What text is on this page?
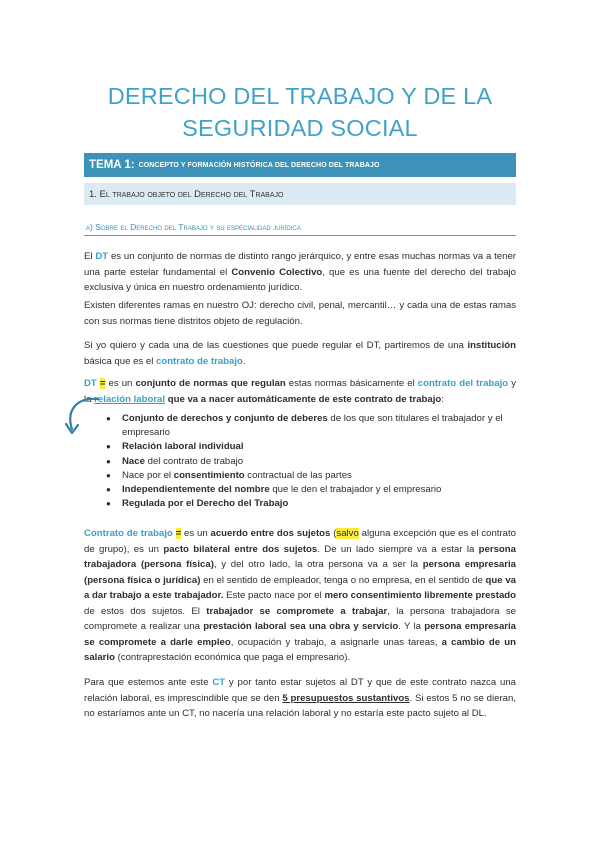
DERECHO DEL TRABAJO Y DE LA SEGURIDAD SOCIAL
TEMA 1: CONCEPTO Y FORMACIÓN HISTÓRICA DEL DERECHO DEL TRABAJO
1. El trabajo objeto del Derecho del Trabajo
a) Sobre el Derecho del Trabajo y su especialidad jurídica

El DT es un conjunto de normas de distinto rango jerárquico, y entre esas muchas normas va a tener una parte estelar fundamental el Convenio Colectivo, que es una fuente del derecho del trabajo exclusiva y única en nuestro ordenamiento jurídico.

Existen diferentes ramas en nuestro OJ: derecho civil, penal, mercantil… y cada una de estas ramas con sus normas tiene distritos objeto de regulación.

Si yo quiero y cada una de las cuestiones que puede regular el DT, partiremos de una institución básica que es el contrato de trabajo.

DT = es un conjunto de normas que regulan estas normas básicamente el contrato del trabajo y la relación laboral que va a nacer automáticamente de este contrato de trabajo:

● Conjunto de derechos y conjunto de deberes de los que son titulares el trabajador y el empresario
● Relación laboral individual
● Nace del contrato de trabajo
● Nace por el consentimiento contractual de las partes
● Independientemente del nombre que le den el trabajador y el empresario
● Regulada por el Derecho del Trabajo

Contrato de trabajo = es un acuerdo entre dos sujetos (salvo alguna excepción que es el contrato de grupo), es un pacto bilateral entre dos sujetos. De un lado siempre va a estar la persona trabajadora (persona física), y del otro lado, la otra persona va a ser la persona empresaria (persona física o jurídica) en el sentido de empleador, tenga o no empresa, en el sentido de que va a dar trabajo a este trabajador. Este pacto nace por el mero consentimiento libremente prestado de estos dos sujetos. El trabajador se compromete a trabajar, la persona trabajadora se compromete a realizar una prestación laboral sea una obra y servicio. Y la persona empresaria se compromete a darle empleo, ocupación y trabajo, a asignarle unas tareas, a cambio de un salario (contraprestación económica que paga el empresario).

Para que estemos ante este CT y por tanto estar sujetos al DT y que de este contrato nazca una relación laboral, es imprescindible que se den 5 presupuestos sustantivos. Si estos 5 no se dieran, no estaríamos ante un CT, no nacería una relación laboral y no estaría este pacto sujeto al DL.
